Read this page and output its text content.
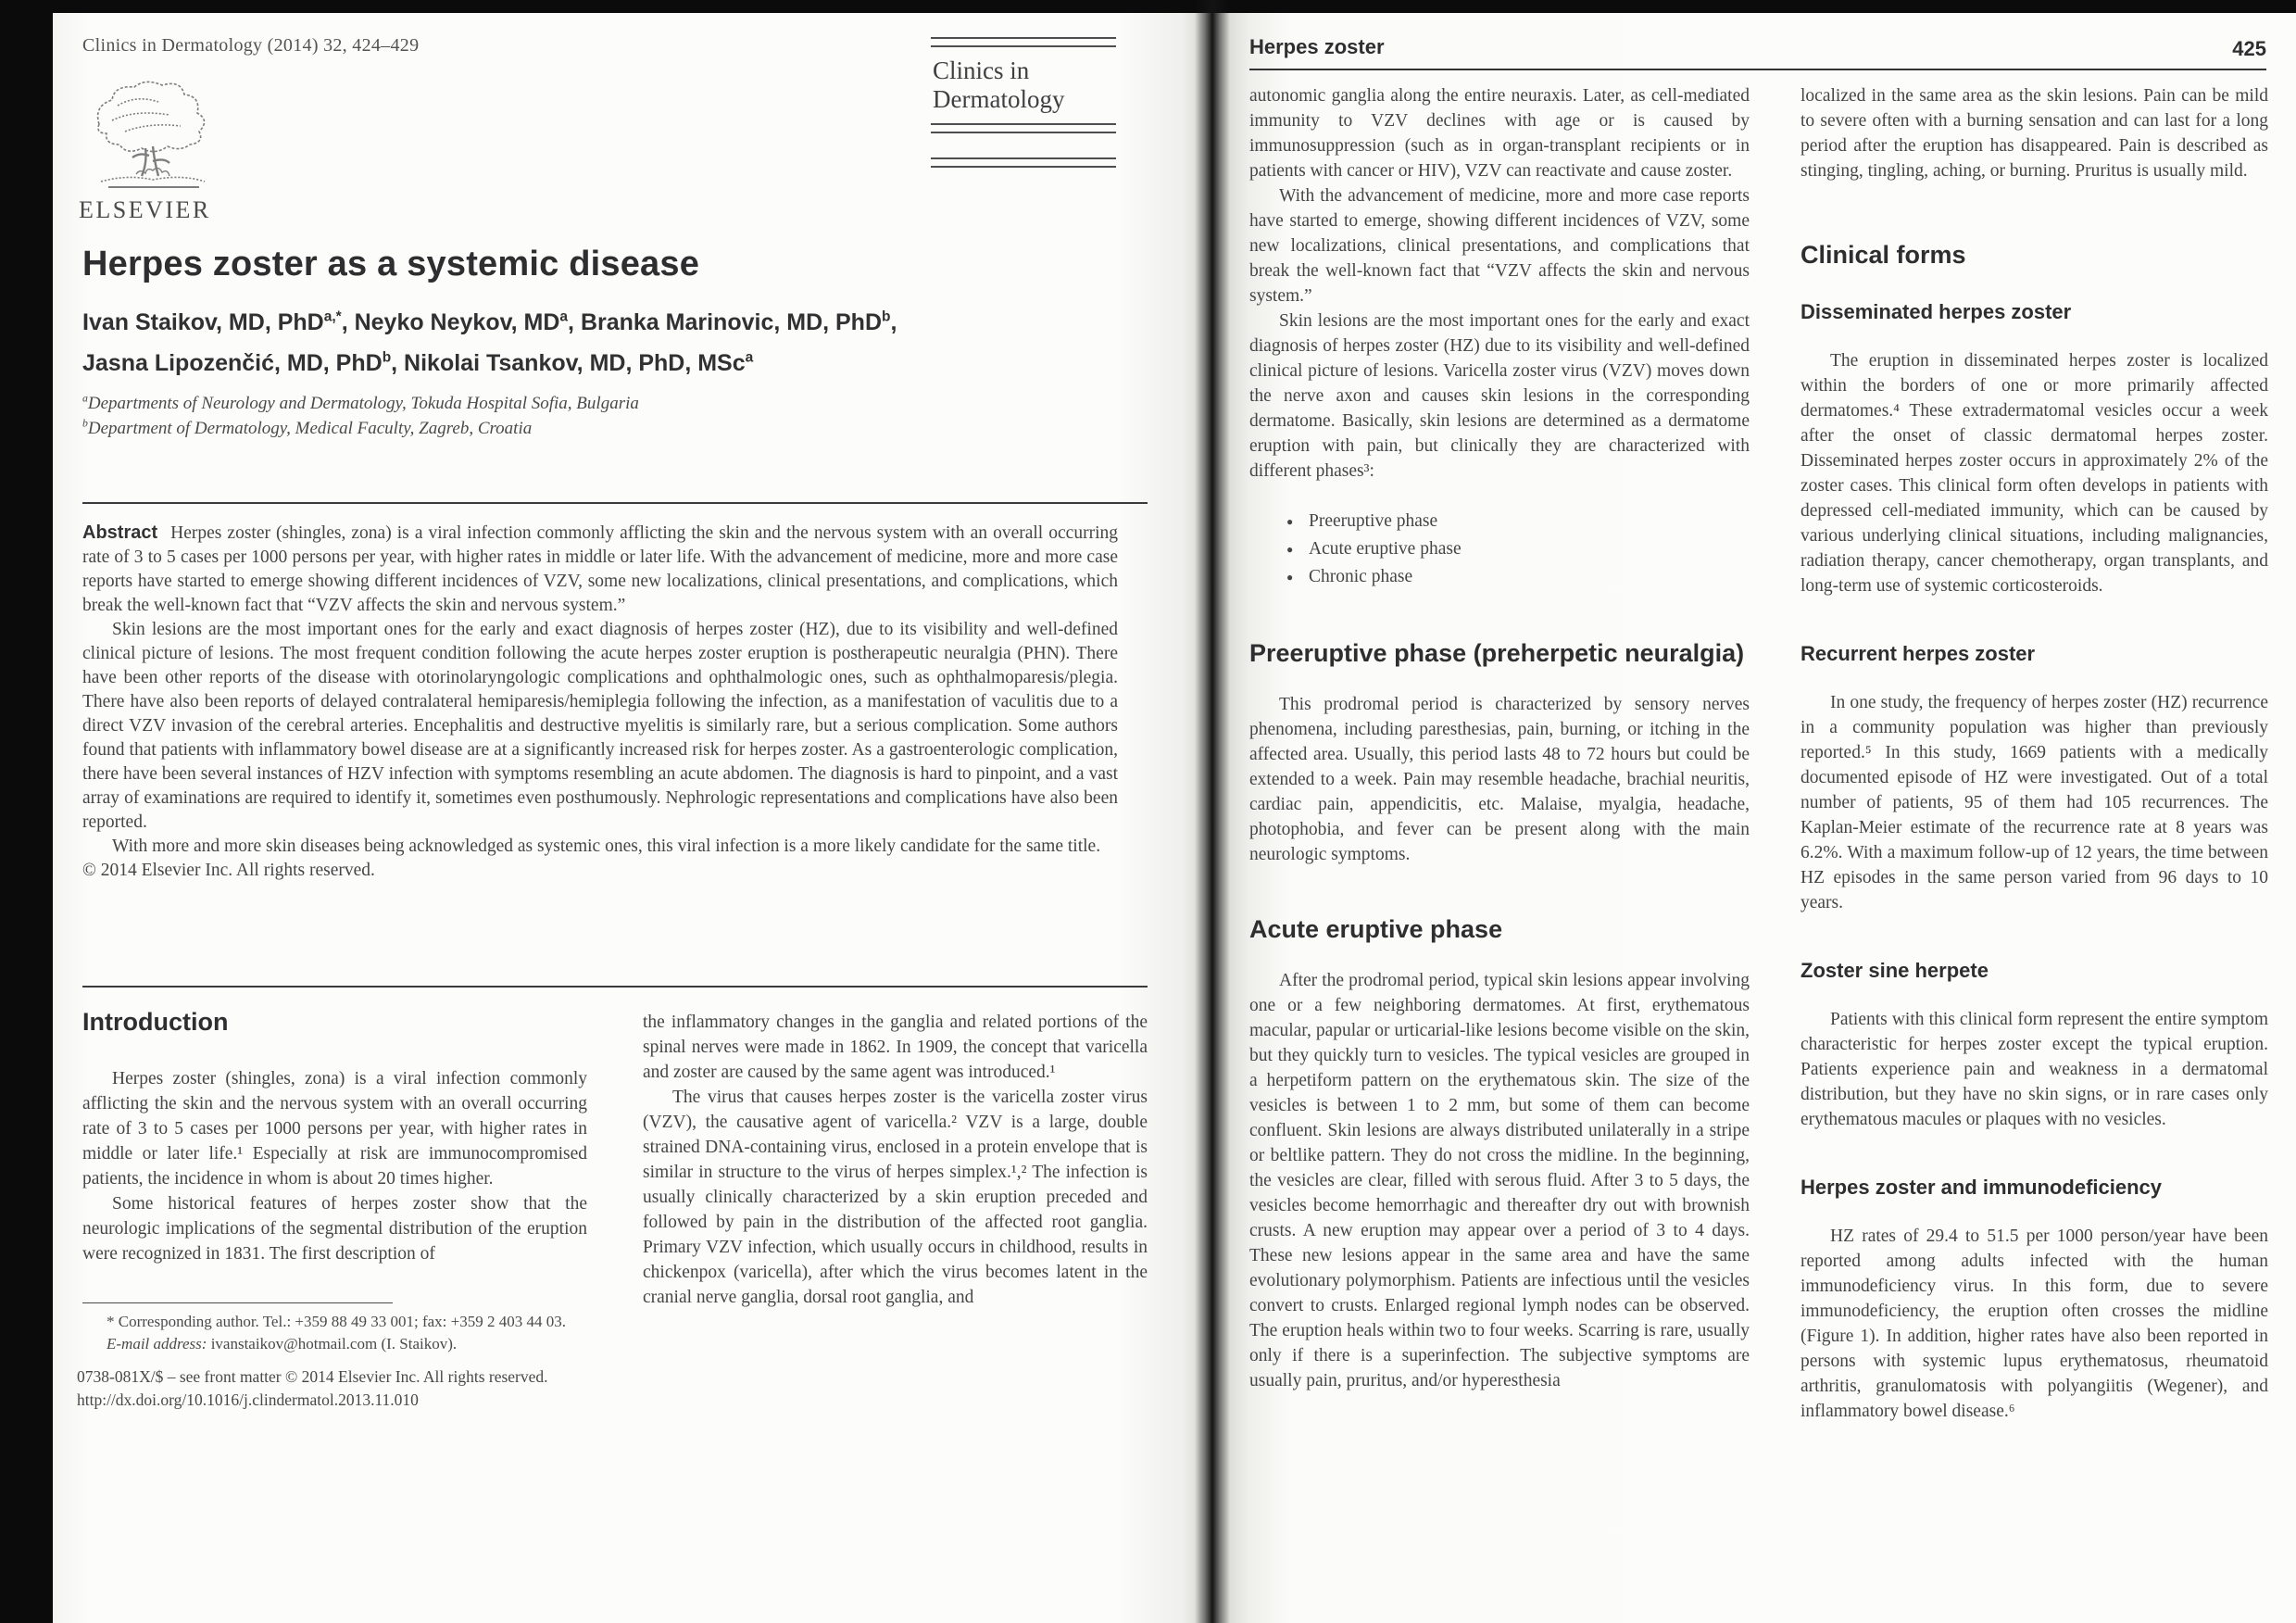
Clinics in Dermatology (2014) 32, 424–429
ELSEVIER
Clinics in
Dermatology
Herpes zoster as a systemic disease
Ivan Staikov, MD, PhD$^{a,*}$, Neyko Neykov, $MD^a$, Branka Marinovic, MD, PhD$^b$,
Jasna Lipozenčić, MD, PhD$^b$, Nikolai Tsankov, MD, PhD, MSc$^a$
$^a$Departments of Neurology and Dermatology, Tokuda Hospital Sofia, Bulgaria
$^b$Department of Dermatology, Medical Faculty, Zagreb, Croatia

Abstract Herpes zoster (shingles, zona) is a viral infection commonly afflicting the skin and the nervous system with an overall occurring rate of 3 to 5 cases per 1000 persons per year, with higher rates in middle or later life. With the advancement of medicine, more and more case reports have started to emerge showing different incidences of VZV, some new localizations, clinical presentations, and complications, which break the well-known fact that “VZV affects the skin and nervous system.”

Skin lesions are the most important ones for the early and exact diagnosis of herpes zoster (HZ), due to its visibility and well-defined clinical picture of lesions. The most frequent condition following the acute herpes zoster eruption is postherapeutic neuralgia (PHN). There have been other reports of the disease with otorinolaryngologic complications and ophthalmologic ones, such as ophthalmoparesis/plegia. There have also been reports of delayed contralateral hemiparesis/hemiplegia following the infection, as a manifestation of vaculitis due to a direct VZV invasion of the cerebral arteries. Encephalitis and destructive myelitis is similarly rare, but a serious complication. Some authors found that patients with inflammatory bowel disease are at a significantly increased risk for herpes zoster. As a gastroenterologic complication, there have been several instances of HZV infection with symptoms resembling an acute abdomen. The diagnosis is hard to pinpoint, and a vast array of examinations are required to identify it, sometimes even posthumously. Nephrologic representations and complications have also been reported.

With more and more skin diseases being acknowledged as systemic ones, this viral infection is a more likely candidate for the same title.

© 2014 Elsevier Inc. All rights reserved.

Introduction

Herpes zoster (shingles, zona) is a viral infection commonly afflicting the skin and the nervous system with an overall occurring rate of 3 to 5 cases per 1000 persons per year, with higher rates in middle or later life.¹ Especially at risk are immunocompromised patients, the incidence in whom is about 20 times higher.

Some historical features of herpes zoster show that the neurologic implications of the segmental distribution of the eruption were recognized in 1831. The first description of

the inflammatory changes in the ganglia and related portions of the spinal nerves were made in 1862. In 1909, the concept that varicella and zoster are caused by the same agent was introduced.¹

The virus that causes herpes zoster is the varicella zoster virus (VZV), the causative agent of varicella.² VZV is a large, double strained DNA-containing virus, enclosed in a protein envelope that is similar in structure to the virus of herpes simplex.¹,² The infection is usually clinically characterized by a skin eruption preceded and followed by pain in the distribution of the affected root ganglia. Primary VZV infection, which usually occurs in childhood, results in chickenpox (varicella), after which the virus becomes latent in the cranial nerve ganglia, dorsal root ganglia, and

* Corresponding author. Tel.: +359 88 49 33 001; fax: +359 2 403 44 03.
E-mail address: ivanstaikov@hotmail.com (I. Staikov).
0738-081X/$ – see front matter © 2014 Elsevier Inc. All rights reserved.
http://dx.doi.org/10.1016/j.clindermatol.2013.11.010
Herpes zoster	425

autonomic ganglia along the entire neuraxis. Later, as cell-mediated immunity to VZV declines with age or is caused by immunosuppression (such as in organ-transplant recipients or in patients with cancer or HIV), VZV can reactivate and cause zoster.

With the advancement of medicine, more and more case reports have started to emerge, showing different incidences of VZV, some new localizations, clinical presentations, and complications that break the well-known fact that “VZV affects the skin and nervous system.”

Skin lesions are the most important ones for the early and exact diagnosis of herpes zoster (HZ) due to its visibility and well-defined clinical picture of lesions. Varicella zoster virus (VZV) moves down the nerve axon and causes skin lesions in the corresponding dermatome. Basically, skin lesions are determined as a dermatome eruption with pain, but clinically they are characterized with different phases³:

● Preeruptive phase
● Acute eruptive phase
● Chronic phase
Preeruptive phase (preherpetic neuralgia)

This prodromal period is characterized by sensory nerves phenomena, including paresthesias, pain, burning, or itching in the affected area. Usually, this period lasts 48 to 72 hours but could be extended to a week. Pain may resemble headache, brachial neuritis, cardiac pain, appendicitis, etc. Malaise, myalgia, headache, photophobia, and fever can be present along with the main neurologic symptoms.

Acute eruptive phase

After the prodromal period, typical skin lesions appear involving one or a few neighboring dermatomes. At first, erythematous macular, papular or urticarial-like lesions become visible on the skin, but they quickly turn to vesicles. The typical vesicles are grouped in a herpetiform pattern on the erythematous skin. The size of the vesicles is between 1 to 2 mm, but some of them can become confluent. Skin lesions are always distributed unilaterally in a stripe or beltlike pattern. They do not cross the midline. In the beginning, the vesicles are clear, filled with serous fluid. After 3 to 5 days, the vesicles become hemorrhagic and thereafter dry out with brownish crusts. A new eruption may appear over a period of 3 to 4 days. These new lesions appear in the same area and have the same evolutionary polymorphism. Patients are infectious until the vesicles convert to crusts. Enlarged regional lymph nodes can be observed. The eruption heals within two to four weeks. Scarring is rare, usually only if there is a superinfection. The subjective symptoms are usually pain, pruritus, and/or hyperesthesia

localized in the same area as the skin lesions. Pain can be mild to severe often with a burning sensation and can last for a long period after the eruption has disappeared. Pain is described as stinging, tingling, aching, or burning. Pruritus is usually mild.

Clinical forms
Disseminated herpes zoster

The eruption in disseminated herpes zoster is localized within the borders of one or more primarily affected dermatomes.⁴ These extradermatomal vesicles occur a week after the onset of classic dermatomal herpes zoster. Disseminated herpes zoster occurs in approximately 2% of the zoster cases. This clinical form often develops in patients with depressed cell-mediated immunity, which can be caused by various underlying clinical situations, including malignancies, radiation therapy, cancer chemotherapy, organ transplants, and long-term use of systemic corticosteroids.

Recurrent herpes zoster

In one study, the frequency of herpes zoster (HZ) recurrence in a community population was higher than previously reported.⁵ In this study, 1669 patients with a medically documented episode of HZ were investigated. Out of a total number of patients, 95 of them had 105 recurrences. The Kaplan-Meier estimate of the recurrence rate at 8 years was 6.2%. With a maximum follow-up of 12 years, the time between HZ episodes in the same person varied from 96 days to 10 years.

Zoster sine herpete

Patients with this clinical form represent the entire symptom characteristic for herpes zoster except the typical eruption. Patients experience pain and weakness in a dermatomal distribution, but they have no skin signs, or in rare cases only erythematous macules or plaques with no vesicles.

Herpes zoster and immunodeficiency

HZ rates of 29.4 to 51.5 per 1000 person/year have been reported among adults infected with the human immunodeficiency virus. In this form, due to severe immunodeficiency, the eruption often crosses the midline (Figure 1). In addition, higher rates have also been reported in persons with systemic lupus erythematosus, rheumatoid arthritis, granulomatosis with polyangiitis (Wegener), and inflammatory bowel disease.⁶
